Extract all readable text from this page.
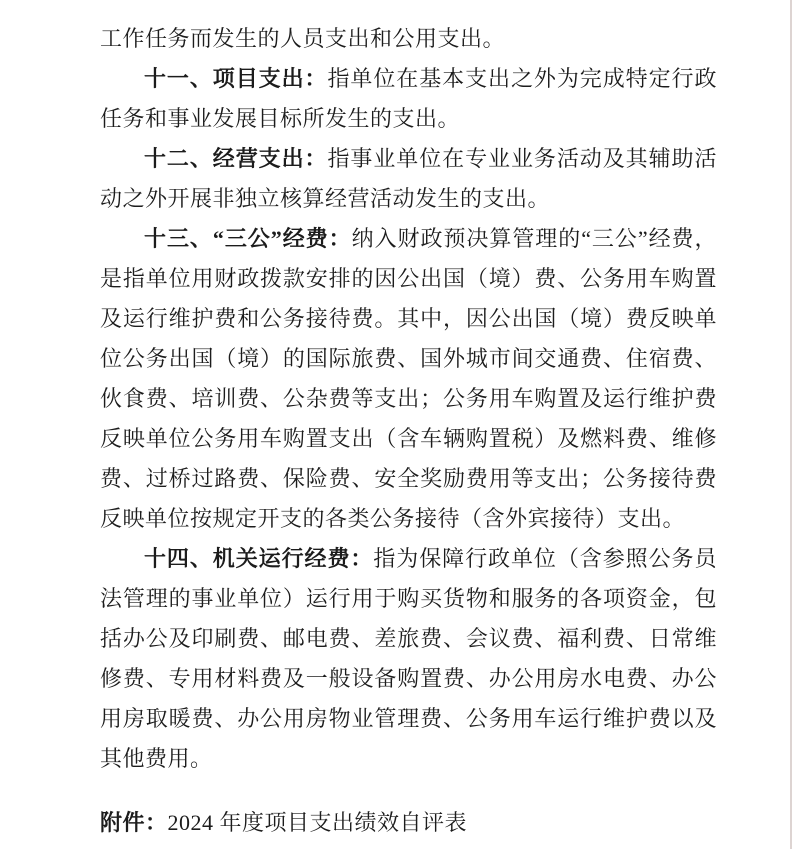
工作任务而发生的人员支出和公用支出。

十一、项目支出：指单位在基本支出之外为完成特定行政任务和事业发展目标所发生的支出。

十二、经营支出：指事业单位在专业业务活动及其辅助活动之外开展非独立核算经营活动发生的支出。

十三、“三公”经费：纳入财政预决算管理的“三公”经费，是指单位用财政拨款安排的因公出国（境）费、公务用车购置及运行维护费和公务接待费。其中，因公出国（境）费反映单位公务出国（境）的国际旅费、国外城市间交通费、住宿费、伙食费、培训费、公杂费等支出；公务用车购置及运行维护费反映单位公务用车购置支出（含车辆购置税）及燃料费、维修费、过桥过路费、保险费、安全奖励费用等支出；公务接待费反映单位按规定开支的各类公务接待（含外宾接待）支出。

十四、机关运行经费：指为保障行政单位（含参照公务员法管理的事业单位）运行用于购买货物和服务的各项资金，包括办公及印刷费、邮电费、差旅费、会议费、福利费、日常维修费、专用材料费及一般设备购置费、办公用房水电费、办公用房取暖费、办公用房物业管理费、公务用车运行维护费以及其他费用。

附件：2024 年度项目支出绩效自评表
